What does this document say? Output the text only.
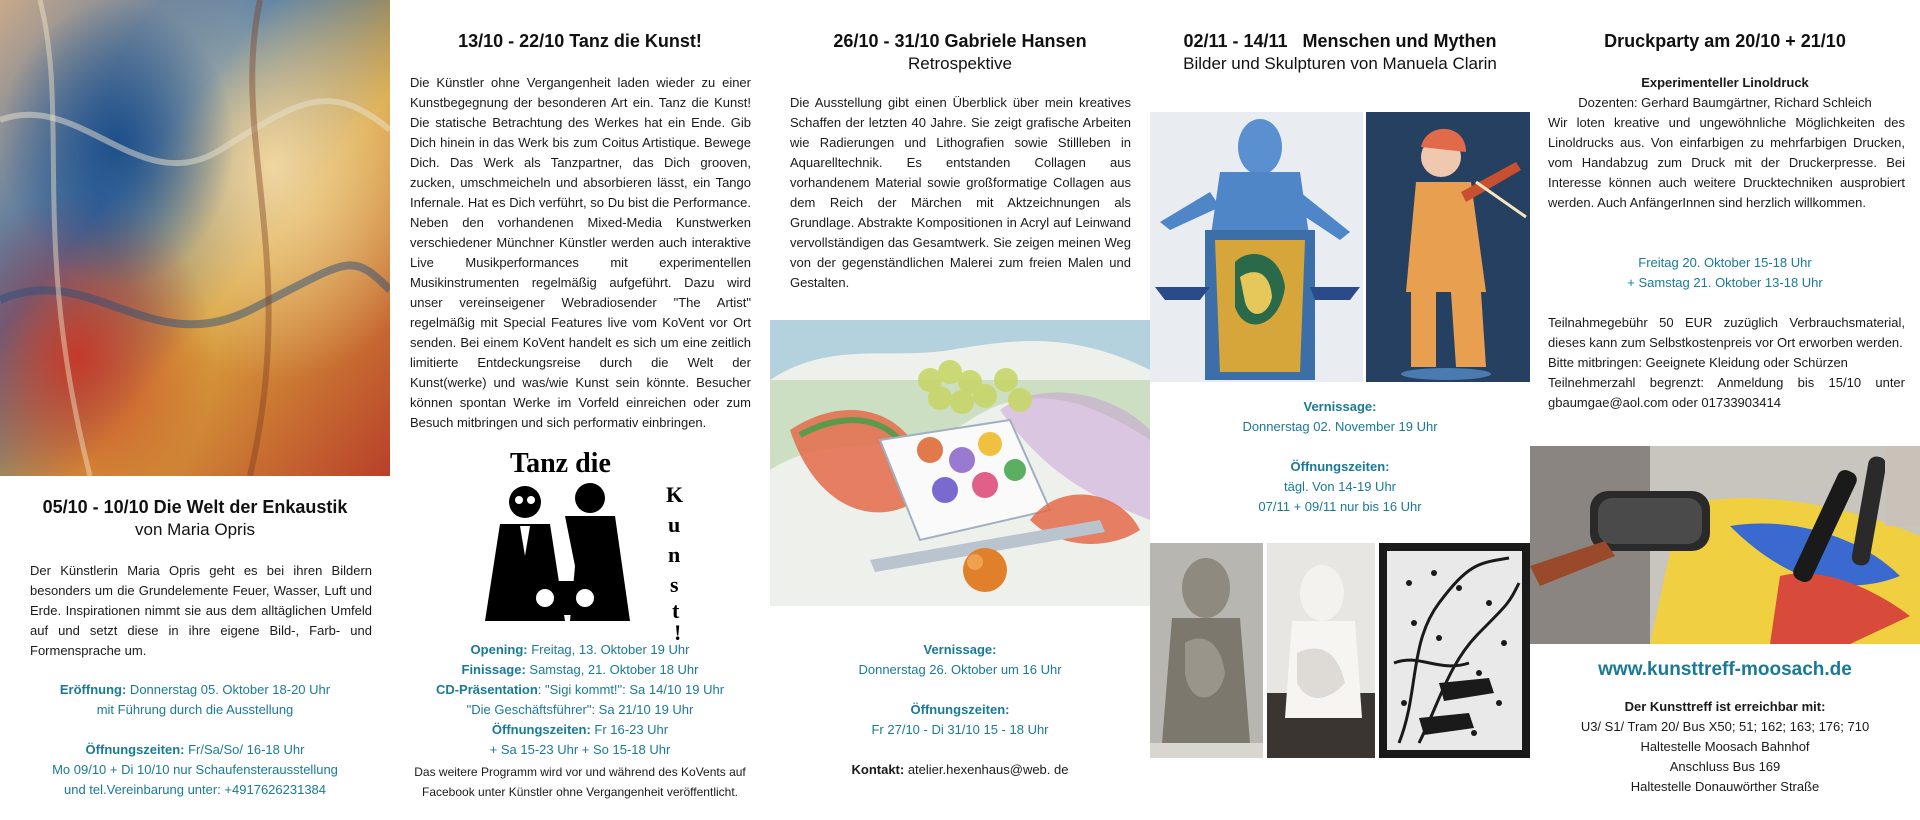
05/10 - 10/10 Die Welt der Enkaustik
von Maria Opris
Der Künstlerin Maria Opris geht es bei ihren Bildern besonders um die Grundelemente Feuer, Wasser, Luft und Erde. Inspirationen nimmt sie aus dem alltäglichen Umfeld auf und setzt diese in ihre eigene Bild-, Farb- und Formensprache um.
Eröffnung: Donnerstag 05. Oktober 18-20 Uhr
mit Führung durch die Ausstellung
Öffnungszeiten: Fr/Sa/So/ 16-18 Uhr
Mo 09/10 + Di 10/10 nur Schaufensterausstellung
und tel.Vereinbarung unter: +4917626231384
13/10 - 22/10 Tanz die Kunst!
Die Künstler ohne Vergangenheit laden wieder zu einer Kunstbegegnung der besonderen Art ein. Tanz die Kunst! Die statische Betrachtung des Werkes hat ein Ende. Gib Dich hinein in das Werk bis zum Coitus Artistique. Bewege Dich. Das Werk als Tanzpartner, das Dich grooven, zucken, umschmeicheln und absorbieren lässt, ein Tango Infernale. Hat es Dich verführt, so Du bist die Performance. Neben den vorhandenen Mixed-Media Kunstwerken verschiedener Münchner Künstler werden auch interaktive Live Musikperformances mit experimentellen Musikinstrumenten regelmäßig aufgeführt. Dazu wird unser vereinseigener Webradiosender "The Artist" regelmäßig mit Special Features live vom KoVent vor Ort senden. Bei einem KoVent handelt es sich um eine zeitlich limitierte Entdeckungsreise durch die Welt der Kunst(werke) und was/wie Kunst sein könnte. Besucher können spontan Werke im Vorfeld einreichen oder zum Besuch mitbringen und sich performativ einbringen.
Tanz die
K
u
n
s
t
!
Kunst!
Opening: Freitag, 13. Oktober 19 Uhr
Finissage: Samstag, 21. Oktober 18 Uhr
CD-Präsentation: "Sigi kommt!": Sa 14/10 19 Uhr
"Die Geschäftsführer": Sa 21/10 19 Uhr
Öffnungszeiten: Fr 16-23 Uhr
+ Sa 15-23 Uhr + So 15-18 Uhr
Das weitere Programm wird vor und während des KoVents auf
Facebook unter Künstler ohne Vergangenheit veröffentlicht.
26/10 - 31/10 Gabriele Hansen
Retrospektive
Die Ausstellung gibt einen Überblick über mein kreatives Schaffen der letzten 40 Jahre. Sie zeigt grafische Arbeiten wie Radierungen und Lithografien sowie Stillleben in Aquarelltechnik. Es entstanden Collagen aus vorhandenem Material sowie großformatige Collagen aus dem Reich der Märchen mit Aktzeichnungen als Grundlage. Abstrakte Kompositionen in Acryl auf Leinwand vervollständigen das Gesamtwerk. Sie zeigen meinen Weg von der gegenständlichen Malerei zum freien Malen und Gestalten.
Vernissage:
Donnerstag 26. Oktober um 16 Uhr
Öffnungszeiten:
Fr 27/10 - Di 31/10 15 - 18 Uhr
Kontakt: atelier.hexenhaus@web. de
02/11 - 14/11   Menschen und Mythen
Bilder und Skulpturen von Manuela Clarin
Vernissage:
Donnerstag 02. November 19 Uhr
Öffnungszeiten:
tägl. Von 14-19 Uhr
07/11 + 09/11 nur bis 16 Uhr
Druckparty am 20/10 + 21/10
Experimenteller Linoldruck
Dozenten: Gerhard Baumgärtner, Richard Schleich
Wir loten kreative und ungewöhnliche Möglichkeiten des Linoldrucks aus. Von einfarbigen zu mehrfarbigen Drucken, vom Handabzug zum Druck mit der Druckerpresse. Bei Interesse können auch weitere Drucktechniken ausprobiert werden. Auch AnfängerInnen sind herzlich willkommen.
Freitag 20. Oktober 15-18 Uhr
+ Samstag 21. Oktober 13-18 Uhr
Teilnahmegebühr 50 EUR zuzüglich Verbrauchsmaterial, dieses kann zum Selbstkostenpreis vor Ort erworben werden.
Bitte mitbringen: Geeignete Kleidung oder Schürzen
Teilnehmerzahl begrenzt: Anmeldung bis 15/10 unter gbaumgae@aol.com oder 01733903414
www.kunsttreff-moosach.de
Der Kunsttreff ist erreichbar mit:
U3/ S1/ Tram 20/ Bus X50; 51; 162; 163; 176; 710
Haltestelle Moosach Bahnhof
Anschluss Bus 169
Haltestelle Donauwörther Straße
